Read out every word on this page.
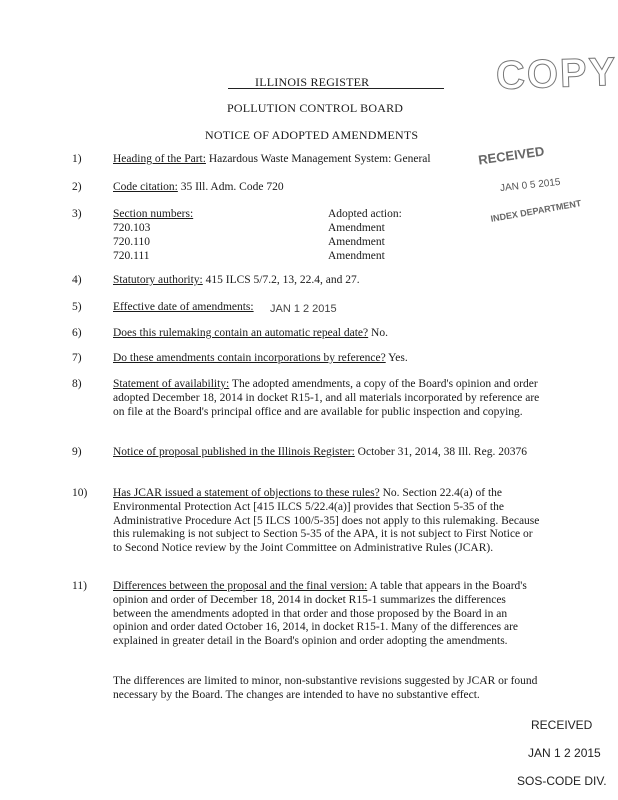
ILLINOIS REGISTER
POLLUTION CONTROL BOARD
NOTICE OF ADOPTED AMENDMENTS
COPY
RECEIVED
JAN 0 5 2015
INDEX DEPARTMENT
1)	Heading of the Part: Hazardous Waste Management System: General
2)	Code citation: 35 Ill. Adm. Code 720
3)	Section numbers:	Adopted action:
720.103	Amendment
720.110	Amendment
720.111	Amendment
4)	Statutory authority: 415 ILCS 5/7.2, 13, 22.4, and 27.
5)	Effective date of amendments: JAN 1 2 2015
6)	Does this rulemaking contain an automatic repeal date? No.
7)	Do these amendments contain incorporations by reference? Yes.
8)	Statement of availability: The adopted amendments, a copy of the Board's opinion and order adopted December 18, 2014 in docket R15-1, and all materials incorporated by reference are on file at the Board's principal office and are available for public inspection and copying.
9)	Notice of proposal published in the Illinois Register: October 31, 2014, 38 Ill. Reg. 20376
10) Has JCAR issued a statement of objections to these rules? No. Section 22.4(a) of the Environmental Protection Act [415 ILCS 5/22.4(a)] provides that Section 5-35 of the Administrative Procedure Act [5 ILCS 100/5-35] does not apply to this rulemaking. Because this rulemaking is not subject to Section 5-35 of the APA, it is not subject to First Notice or to Second Notice review by the Joint Committee on Administrative Rules (JCAR).
11) Differences between the proposal and the final version: A table that appears in the Board's opinion and order of December 18, 2014 in docket R15-1 summarizes the differences between the amendments adopted in that order and those proposed by the Board in an opinion and order dated October 16, 2014, in docket R15-1. Many of the differences are explained in greater detail in the Board's opinion and order adopting the amendments.
The differences are limited to minor, non-substantive revisions suggested by JCAR or found necessary by the Board. The changes are intended to have no substantive effect.
RECEIVED
JAN 1 2 2015
SOS-CODE DIV.
